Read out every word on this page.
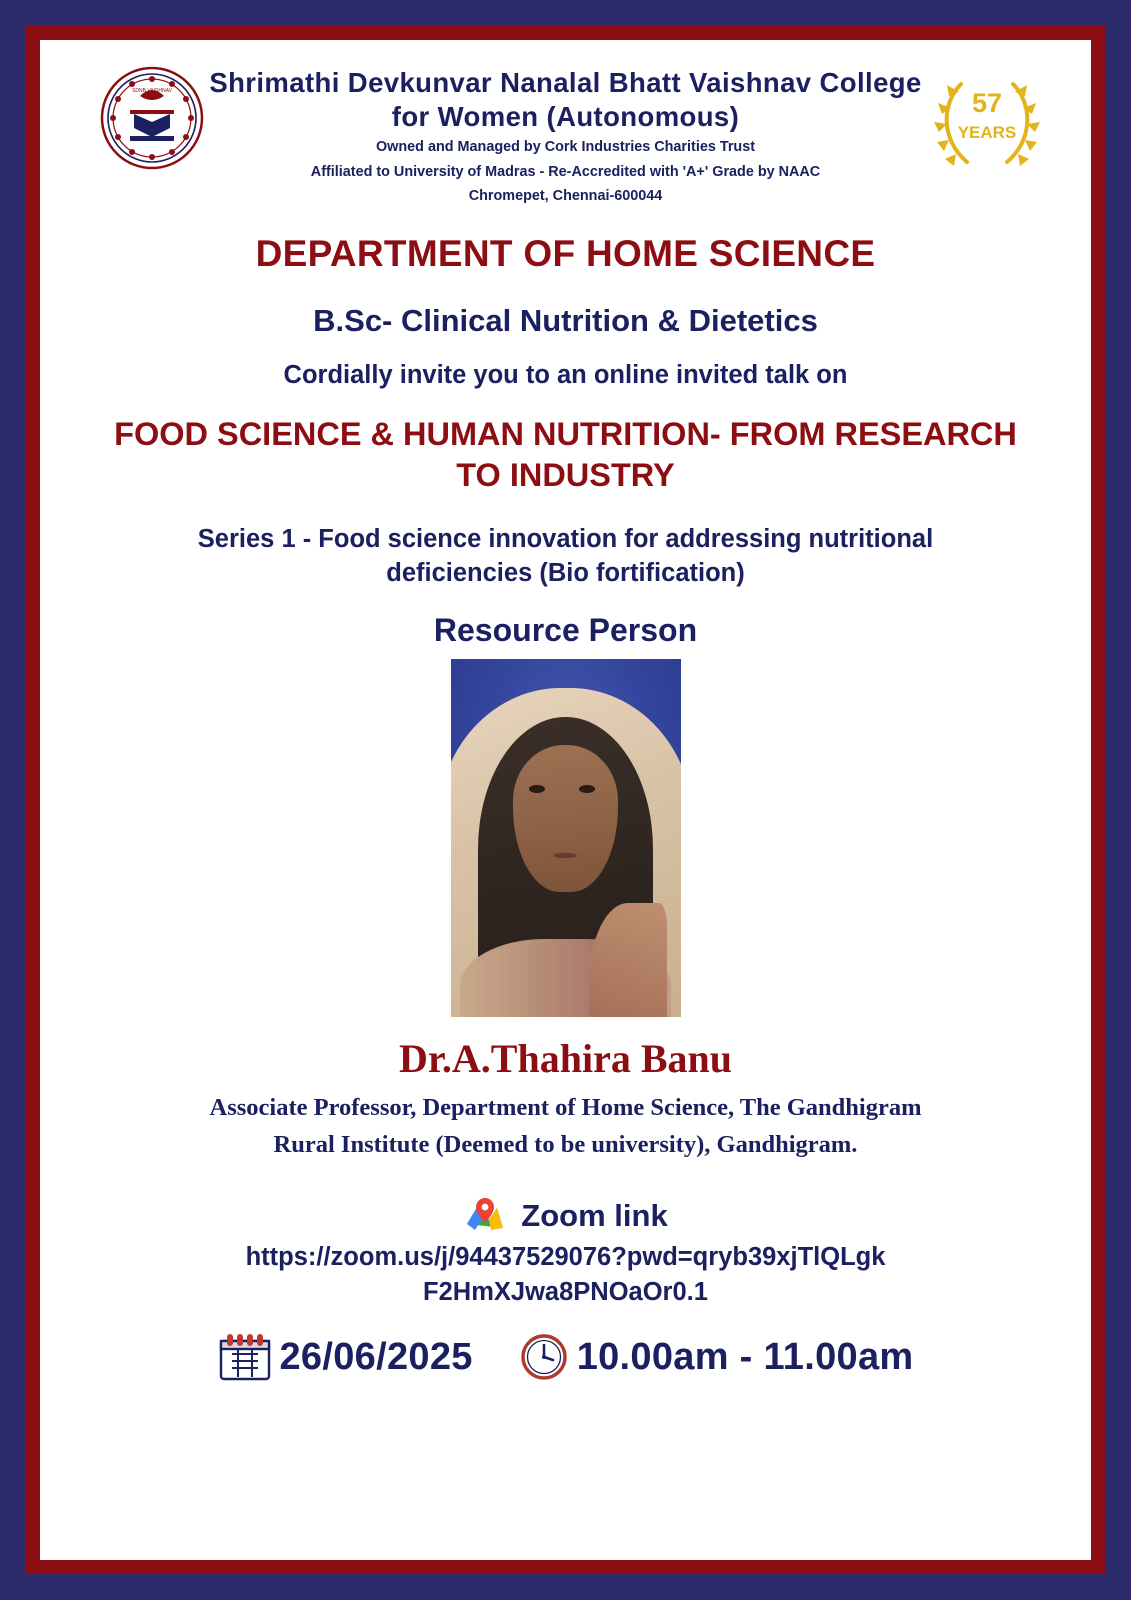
SDNB VAISHNAV	57
YEARS
Shrimathi Devkunvar Nanalal Bhatt Vaishnav College for Women (Autonomous)
Owned and Managed by Cork Industries Charities Trust
Affiliated to University of Madras - Re-Accredited with 'A+' Grade by NAAC
Chromepet, Chennai-600044
DEPARTMENT OF HOME SCIENCE
B.Sc- Clinical Nutrition & Dietetics
Cordially invite you to an online invited talk on
FOOD SCIENCE & HUMAN NUTRITION- FROM RESEARCH TO INDUSTRY
Series 1 - Food science innovation for addressing nutritional deficiencies (Bio fortification)
Resource Person
Dr.A.Thahira Banu
Associate Professor, Department of Home Science, The Gandhigram Rural Institute (Deemed to be university), Gandhigram.
Zoom link
https://zoom.us/j/94437529076?pwd=qryb39xjTlQLgkF2HmXJwa8PNOaOr0.1
26/06/2025	10.00am - 11.00am
